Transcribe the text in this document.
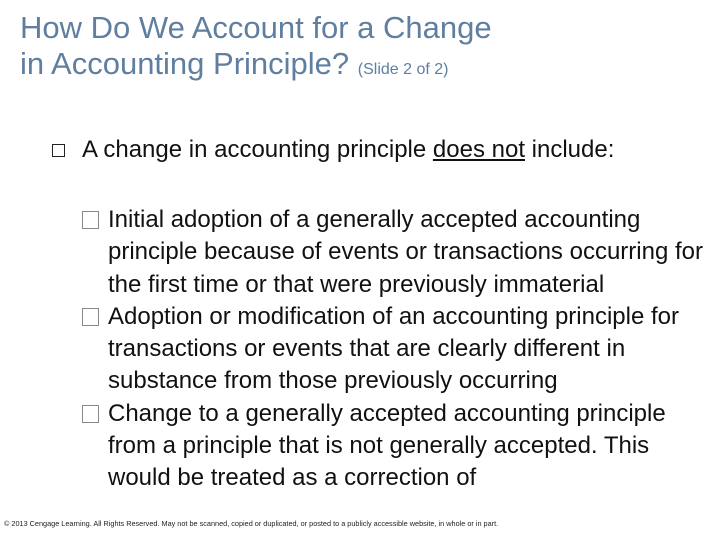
How Do We Account for a Change
in Accounting Principle? (Slide 2 of 2)
A change in accounting principle does not include:
Initial adoption of a generally accepted accounting principle because of events or transactions occurring for the first time or that were previously immaterial
Adoption or modification of an accounting principle for transactions or events that are clearly different in substance from those previously occurring
Change to a generally accepted accounting principle from a principle that is not generally accepted. This would be treated as a correction of
© 2013 Cengage Learning. All Rights Reserved. May not be scanned, copied or duplicated, or posted to a publicly accessible website, in whole or in part.
